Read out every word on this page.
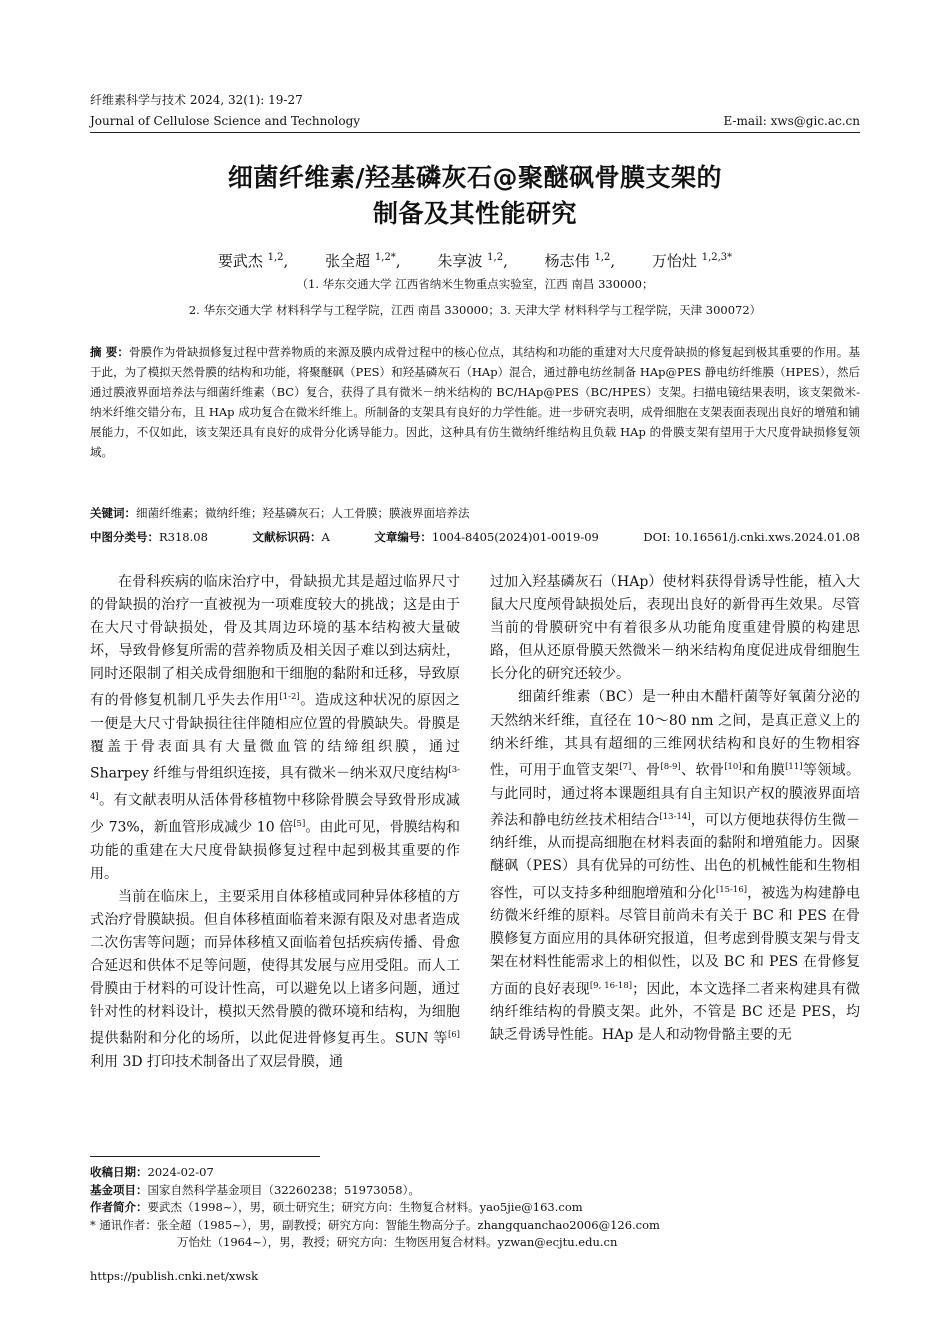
纤维素科学与技术 2024, 32(1): 19-27
Journal of Cellulose Science and Technology	E-mail: xws@gic.ac.cn
细菌纤维素/羟基磷灰石@聚醚砜骨膜支架的
制备及其性能研究
要武杰 $^{1,2}$, 张全超 $^{1,2*}$, 朱享波 $^{1,2}$, 杨志伟 $^{1,2}$, 万怡灶 $^{1,2,3*}$
（1. 华东交通大学 江西省纳米生物重点实验室，江西 南昌 330000；
2. 华东交通大学 材料科学与工程学院，江西 南昌 330000；3. 天津大学 材料科学与工程学院，天津 300072）
摘 要：骨膜作为骨缺损修复过程中营养物质的来源及膜内成骨过程中的核心位点，其结构和功能的重建对大尺度骨缺损的修复起到极其重要的作用。基于此，为了模拟天然骨膜的结构和功能，将聚醚砜（PES）和羟基磷灰石（HAp）混合，通过静电纺丝制备 HAp@PES 静电纺纤维膜（HPES），然后通过膜液界面培养法与细菌纤维素（BC）复合，获得了具有微米－纳米结构的 BC/HAp@PES（BC/HPES）支架。扫描电镜结果表明，该支架微米-纳米纤维交错分布，且 HAp 成功复合在微米纤维上。所制备的支架具有良好的力学性能。进一步研究表明，成骨细胞在支架表面表现出良好的增殖和铺展能力，不仅如此，该支架还具有良好的成骨分化诱导能力。因此，这种具有仿生微纳纤维结构且负载 HAp 的骨膜支架有望用于大尺度骨缺损修复领域。
关键词：细菌纤维素；微纳纤维；羟基磷灰石；人工骨膜；膜液界面培养法
中图分类号：R318.08	文献标识码：A	文章编号：1004-8405(2024)01-0019-09	DOI: 10.16561/j.cnki.xws.2024.01.08

在骨科疾病的临床治疗中，骨缺损尤其是超过临界尺寸的骨缺损的治疗一直被视为一项难度较大的挑战；这是由于在大尺寸骨缺损处，骨及其周边环境的基本结构被大量破坏，导致骨修复所需的营养物质及相关因子难以到达病灶，同时还限制了相关成骨细胞和干细胞的黏附和迁移，导致原有的骨修复机制几乎失去作用[1-2]。造成这种状况的原因之一便是大尺寸骨缺损往往伴随相应位置的骨膜缺失。骨膜是覆盖于骨表面具有大量微血管的结缔组织膜，通过 Sharpey 纤维与骨组织连接，具有微米－纳米双尺度结构[3-4]。有文献表明从活体骨移植物中移除骨膜会导致骨形成减少 73%，新血管形成减少 10 倍[5]。由此可见，骨膜结构和功能的重建在大尺度骨缺损修复过程中起到极其重要的作用。

当前在临床上，主要采用自体移植或同种异体移植的方式治疗骨膜缺损。但自体移植面临着来源有限及对患者造成二次伤害等问题；而异体移植又面临着包括疾病传播、骨愈合延迟和供体不足等问题，使得其发展与应用受阻。而人工骨膜由于材料的可设计性高，可以避免以上诸多问题，通过针对性的材料设计，模拟天然骨膜的微环境和结构，为细胞提供黏附和分化的场所，以此促进骨修复再生。SUN 等[6]利用 3D 打印技术制备出了双层骨膜，通

过加入羟基磷灰石（HAp）使材料获得骨诱导性能，植入大鼠大尺度颅骨缺损处后，表现出良好的新骨再生效果。尽管当前的骨膜研究中有着很多从功能角度重建骨膜的构建思路，但从还原骨膜天然微米－纳米结构角度促进成骨细胞生长分化的研究还较少。

细菌纤维素（BC）是一种由木醋杆菌等好氧菌分泌的天然纳米纤维，直径在 10～80 nm 之间，是真正意义上的纳米纤维，其具有超细的三维网状结构和良好的生物相容性，可用于血管支架[7]、骨[8-9]、软骨[10]和角膜[11]等领域。与此同时，通过将本课题组具有自主知识产权的膜液界面培养法和静电纺丝技术相结合[13-14]，可以方便地获得仿生微－纳纤维，从而提高细胞在材料表面的黏附和增殖能力。因聚醚砜（PES）具有优异的可纺性、出色的机械性能和生物相容性，可以支持多种细胞增殖和分化[15-16]，被选为构建静电纺微米纤维的原料。尽管目前尚未有关于 BC 和 PES 在骨膜修复方面应用的具体研究报道，但考虑到骨膜支架与骨支架在材料性能需求上的相似性，以及 BC 和 PES 在骨修复方面的良好表现[9, 16-18]；因此，本文选择二者来构建具有微纳纤维结构的骨膜支架。此外，不管是 BC 还是 PES，均缺乏骨诱导性能。HAp 是人和动物骨骼主要的无

收稿日期：2024-02-07
基金项目：国家自然科学基金项目（32260238；51973058）。
作者简介：要武杰（1998~），男，硕士研究生；研究方向：生物复合材料。yao5jie@163.com
* 通讯作者：张全超（1985~），男，副教授；研究方向：智能生物高分子。zhangquanchao2006@126.com
万怡灶（1964~），男，教授；研究方向：生物医用复合材料。yzwan@ecjtu.edu.cn
https://publish.cnki.net/xwsk
